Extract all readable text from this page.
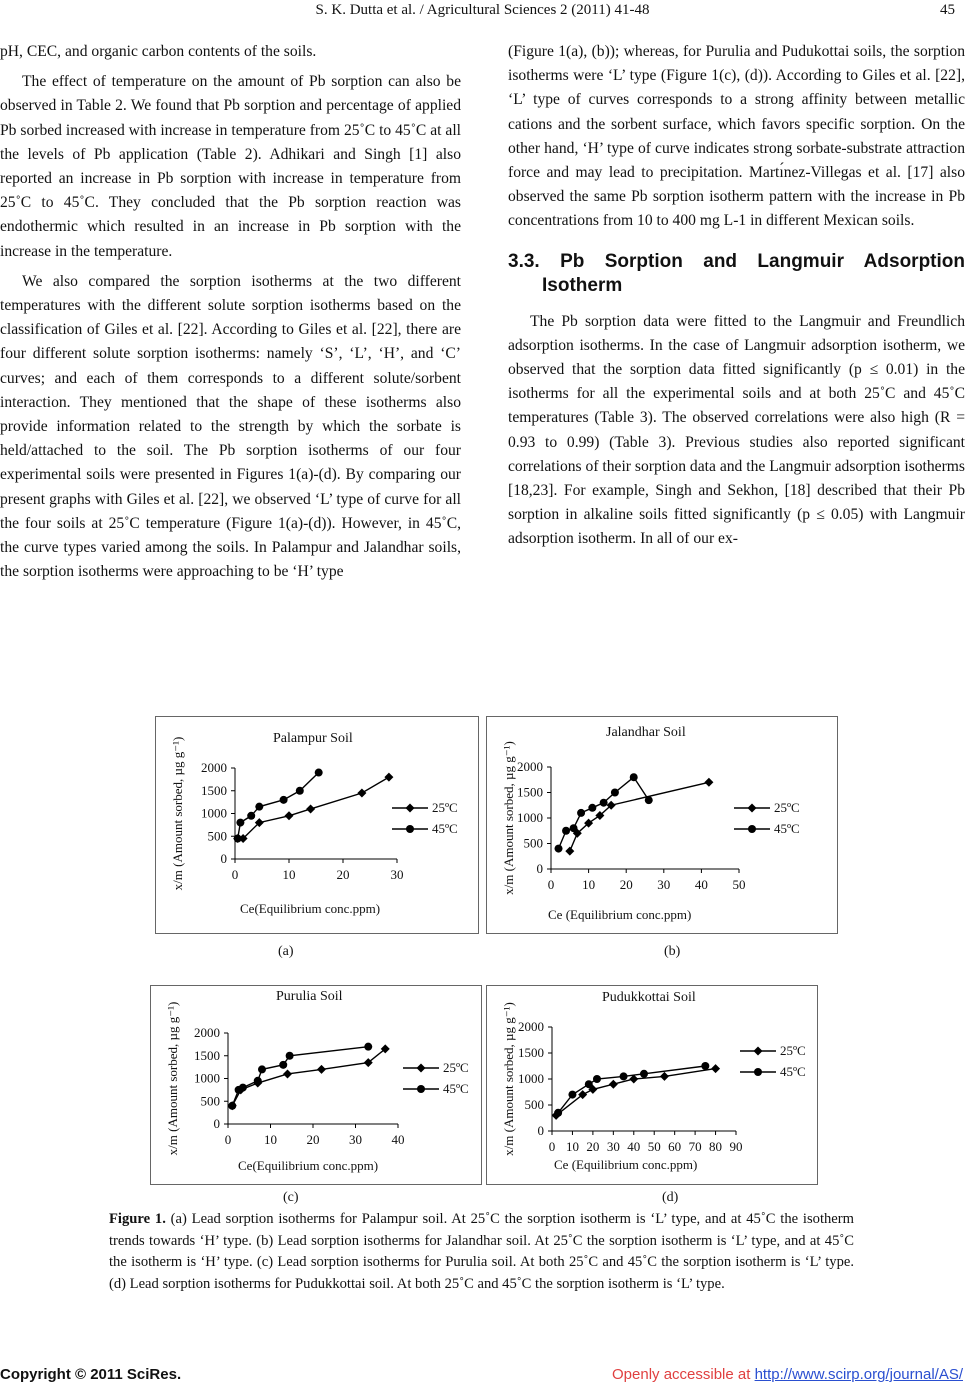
S. K. Dutta et al. / Agricultural Sciences 2 (2011) 41-48	45

pH, CEC, and organic carbon contents of the soils.

The effect of temperature on the amount of Pb sorption can also be observed in Table 2. We found that Pb sorption and percentage of applied Pb sorbed increased with increase in temperature from 25˚C to 45˚C at all the levels of Pb application (Table 2). Adhikari and Singh [1] also reported an increase in Pb sorption with increase in temperature from 25˚C to 45˚C. They concluded that the Pb sorption reaction was endothermic which resulted in an increase in Pb sorption with the increase in the temperature.

We also compared the sorption isotherms at the two different temperatures with the different solute sorption isotherms based on the classification of Giles et al. [22]. According to Giles et al. [22], there are four different solute sorption isotherms: namely ‘S’, ‘L’, ‘H’, and ‘C’ curves; and each of them corresponds to a different solute/sorbent interaction. They mentioned that the shape of these isotherms also provide information related to the strength by which the sorbate is held/attached to the soil. The Pb sorption isotherms of our four experimental soils were presented in Figures 1(a)-(d). By comparing our present graphs with Giles et al. [22], we observed ‘L’ type of curve for all the four soils at 25˚C temperature (Figure 1(a)-(d)). However, in 45˚C, the curve types varied among the soils. In Palampur and Jalandhar soils, the sorption isotherms were approaching to be ‘H’ type

(Figure 1(a), (b)); whereas, for Purulia and Pudukottai soils, the sorption isotherms were ‘L’ type (Figure 1(c), (d)). According to Giles et al. [22], ‘L’ type of curves corresponds to a strong affinity between metallic cations and the sorbent surface, which favors specific sorption. On the other hand, ‘H’ type of curve indicates strong sorbate-substrate attraction force and may lead to precipitation. Martı́nez-Villegas et al. [17] also observed the same Pb sorption isotherm pattern with the increase in Pb concentrations from 10 to 400 mg L-1 in different Mexican soils.

3.3. Pb Sorption and Langmuir Adsorption Isotherm

The Pb sorption data were fitted to the Langmuir and Freundlich adsorption isotherms. In the case of Langmuir adsorption isotherm, we observed that the sorption data fitted significantly (p ≤ 0.01) in the isotherms for all the experimental soils and at both 25˚C and 45˚C temperatures (Table 3). The observed correlations were also high (R = 0.93 to 0.99) (Table 3). Previous studies also reported significant correlations of their sorption data and the Langmuir adsorption isotherms [18,23]. For example, Singh and Sekhon, [18] described that their Pb sorption in alkaline soils fitted significantly (p ≤ 0.05) with Langmuir adsorption isotherm. In all of our ex-

Palampur Soil
0
500
1000
1500
2000
0	10	20	30
Ce(Equilibrium conc.ppm)
x/m (Amount sorbed, µg g⁻¹)	25ºC
45ºC
Jalandhar Soil
0
500
1000
1500
2000
0 10 20 30 40 50
Ce (Equilibrium conc.ppm)
x/m (Amount sorbed, µg g⁻¹)	25ºC
45ºC
Purulia Soil
0
500
1000
1500
2000
0	10 20 30 40
Ce(Equilibrium conc.ppm)
x/m (Amount sorbed, µg g⁻¹)	25ºC
45ºC
Pudukkottai Soil
0
500
1000
1500
2000
0 10 20 30 40 50 60 70 80 90
Ce (Equilibrium conc.ppm)
x/m (Amount sorbed, µg g⁻¹)	25ºC
45ºC
(a)	(b)
(c)	(d)
Figure 1. (a) Lead sorption isotherms for Palampur soil. At 25˚C the sorption isotherm is ‘L’ type, and at 45˚C the isotherm trends towards ‘H’ type. (b) Lead sorption isotherms for Jalandhar soil. At 25˚C the sorption isotherm is ‘L’ type, and at 45˚C the isotherm is ‘H’ type. (c) Lead sorption isotherms for Purulia soil. At both 25˚C and 45˚C the sorption isotherm is ‘L’ type. (d) Lead sorption isotherms for Pudukkottai soil. At both 25˚C and 45˚C the sorption isotherm is ‘L’ type.
Copyright © 2011 SciRes.	Openly accessible at http://www.scirp.org/journal/AS/
